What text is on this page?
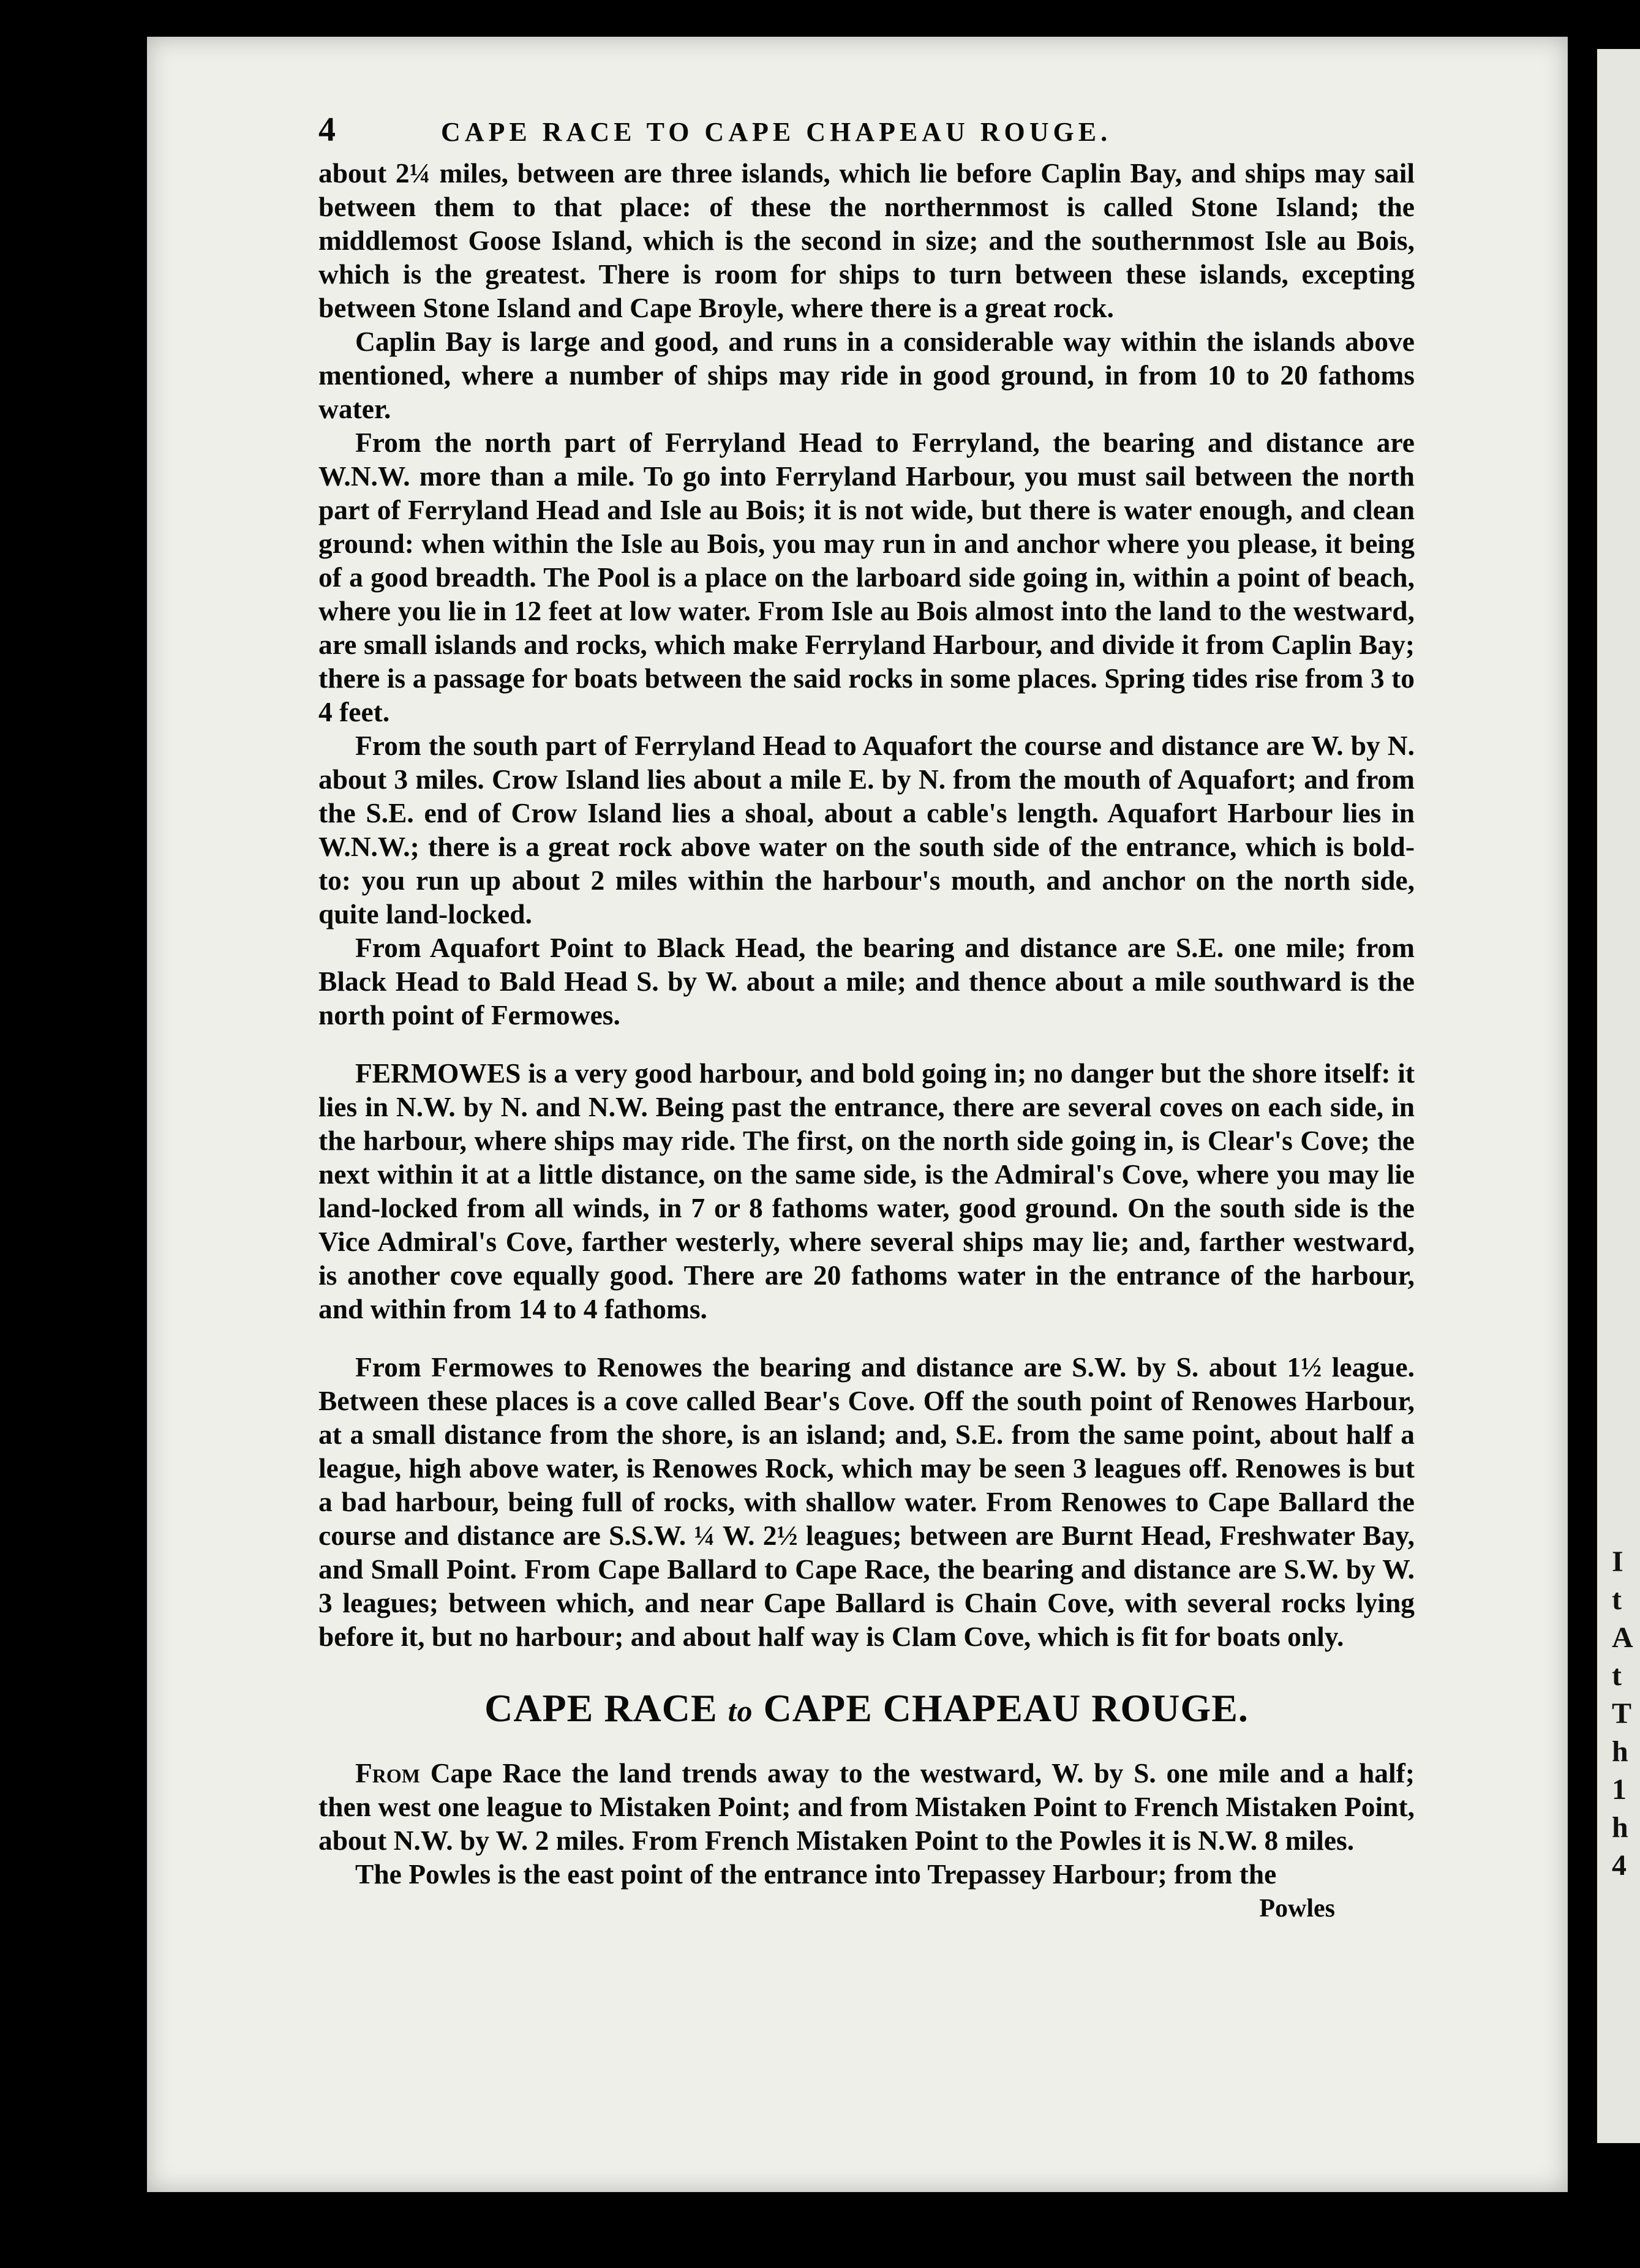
I
t
A
t
T
h
1
h
4
4	CAPE RACE TO CAPE CHAPEAU ROUGE.

about 2¼ miles, between are three islands, which lie before Caplin Bay, and ships may sail between them to that place: of these the northernmost is called Stone Island; the middlemost Goose Island, which is the second in size; and the southernmost Isle au Bois, which is the greatest. There is room for ships to turn between these islands, excepting between Stone Island and Cape Broyle, where there is a great rock.

Caplin Bay is large and good, and runs in a considerable way within the islands above mentioned, where a number of ships may ride in good ground, in from 10 to 20 fathoms water.

From the north part of Ferryland Head to Ferryland, the bearing and distance are W.N.W. more than a mile. To go into Ferryland Harbour, you must sail between the north part of Ferryland Head and Isle au Bois; it is not wide, but there is water enough, and clean ground: when within the Isle au Bois, you may run in and anchor where you please, it being of a good breadth. The Pool is a place on the larboard side going in, within a point of beach, where you lie in 12 feet at low water. From Isle au Bois almost into the land to the westward, are small islands and rocks, which make Ferryland Harbour, and divide it from Caplin Bay; there is a passage for boats between the said rocks in some places. Spring tides rise from 3 to 4 feet.

From the south part of Ferryland Head to Aquafort the course and distance are W. by N. about 3 miles. Crow Island lies about a mile E. by N. from the mouth of Aquafort; and from the S.E. end of Crow Island lies a shoal, about a cable's length. Aquafort Harbour lies in W.N.W.; there is a great rock above water on the south side of the entrance, which is bold-to: you run up about 2 miles within the harbour's mouth, and anchor on the north side, quite land-locked.

From Aquafort Point to Black Head, the bearing and distance are S.E. one mile; from Black Head to Bald Head S. by W. about a mile; and thence about a mile southward is the north point of Fermowes.

FERMOWES is a very good harbour, and bold going in; no danger but the shore itself: it lies in N.W. by N. and N.W. Being past the entrance, there are several coves on each side, in the harbour, where ships may ride. The first, on the north side going in, is Clear's Cove; the next within it at a little distance, on the same side, is the Admiral's Cove, where you may lie land-locked from all winds, in 7 or 8 fathoms water, good ground. On the south side is the Vice Admiral's Cove, farther westerly, where several ships may lie; and, farther westward, is another cove equally good. There are 20 fathoms water in the entrance of the harbour, and within from 14 to 4 fathoms.

From Fermowes to Renowes the bearing and distance are S.W. by S. about 1½ league. Between these places is a cove called Bear's Cove. Off the south point of Renowes Harbour, at a small distance from the shore, is an island; and, S.E. from the same point, about half a league, high above water, is Renowes Rock, which may be seen 3 leagues off. Renowes is but a bad harbour, being full of rocks, with shallow water. From Renowes to Cape Ballard the course and distance are S.S.W. ¼ W. 2½ leagues; between are Burnt Head, Freshwater Bay, and Small Point. From Cape Ballard to Cape Race, the bearing and distance are S.W. by W. 3 leagues; between which, and near Cape Ballard is Chain Cove, with several rocks lying before it, but no harbour; and about half way is Clam Cove, which is fit for boats only.

CAPE RACE to CAPE CHAPEAU ROUGE.

From Cape Race the land trends away to the westward, W. by S. one mile and a half; then west one league to Mistaken Point; and from Mistaken Point to French Mistaken Point, about N.W. by W. 2 miles. From French Mistaken Point to the Powles it is N.W. 8 miles.

The Powles is the east point of the entrance into Trepassey Harbour; from the

Powles
